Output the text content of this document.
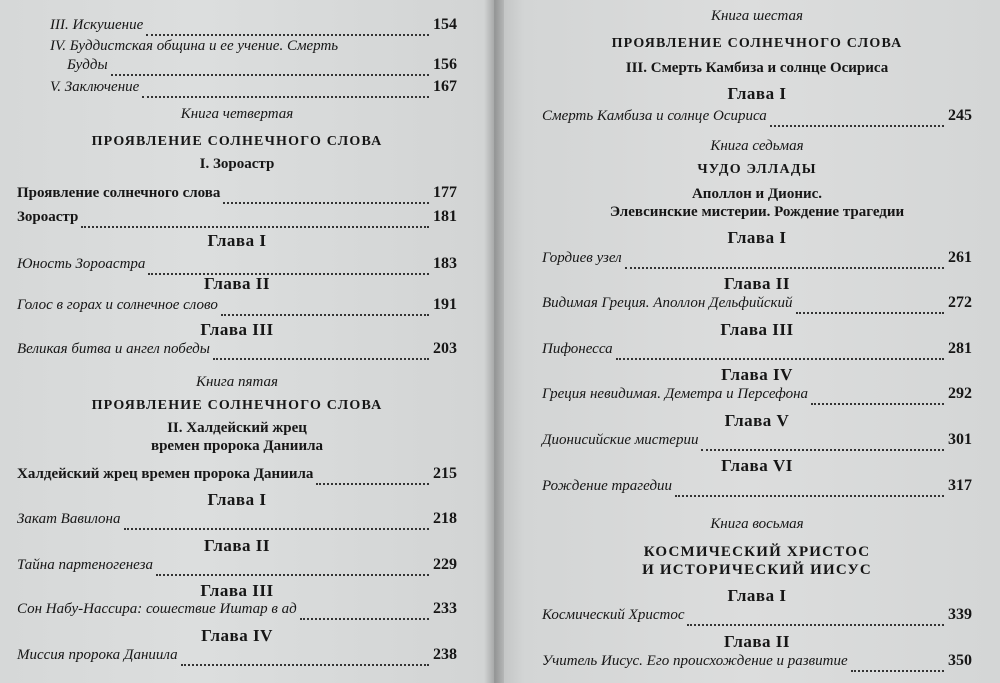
III. Искушение	154
IV. Буддистская община и ее учение. Смерть
Будды	156
V. Заключение	167
Книга четвертая
ПРОЯВЛЕНИЕ СОЛНЕЧНОГО СЛОВА
I. Зороастр
Проявление солнечного слова	177
Зороастр	181
Глава I
Юность Зороастра	183
Глава II
Голос в горах и солнечное слово	191
Глава III
Великая битва и ангел победы	203
Книга пятая
ПРОЯВЛЕНИЕ СОЛНЕЧНОГО СЛОВА
II. Халдейский жрец
времен пророка Даниила
Халдейский жрец времен пророка Даниила	215
Глава I
Закат Вавилона	218
Глава II
Тайна партеногенеза	229
Глава III
Сон Набу-Нассира: сошествие Иштар в ад	233
Глава IV
Миссия пророка Даниила	238
Книга шестая
ПРОЯВЛЕНИЕ СОЛНЕЧНОГО СЛОВА
III. Смерть Камбиза и солнце Осириса
Глава I
Смерть Камбиза и солнце Осириса	245
Книга седьмая
ЧУДО ЭЛЛАДЫ
Аполлон и Дионис.
Элевсинские мистерии. Рождение трагедии
Глава I
Гордиев узел	261
Глава II
Видимая Греция. Аполлон Дельфийский	272
Глава III
Пифонесса	281
Глава IV
Греция невидимая. Деметра и Персефона	292
Глава V
Дионисийские мистерии	301
Глава VI
Рождение трагедии	317
Книга восьмая
КОСМИЧЕСКИЙ ХРИСТОС
И ИСТОРИЧЕСКИЙ ИИСУС
Глава I
Космический Христос	339
Глава II
Учитель Иисус. Его происхождение и развитие	350
